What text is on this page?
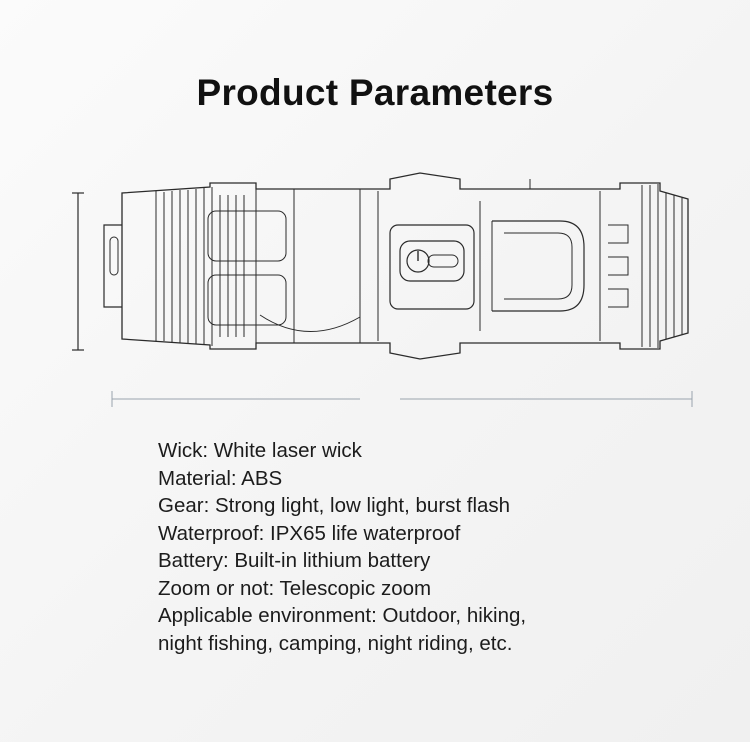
Product Parameters
Wick: White laser wick
Material: ABS
Gear: Strong light, low light, burst flash
Waterproof: IPX65 life waterproof
Battery: Built-in lithium battery
Zoom or not: Telescopic zoom
Applicable environment: Outdoor, hiking,
night fishing, camping, night riding, etc.
